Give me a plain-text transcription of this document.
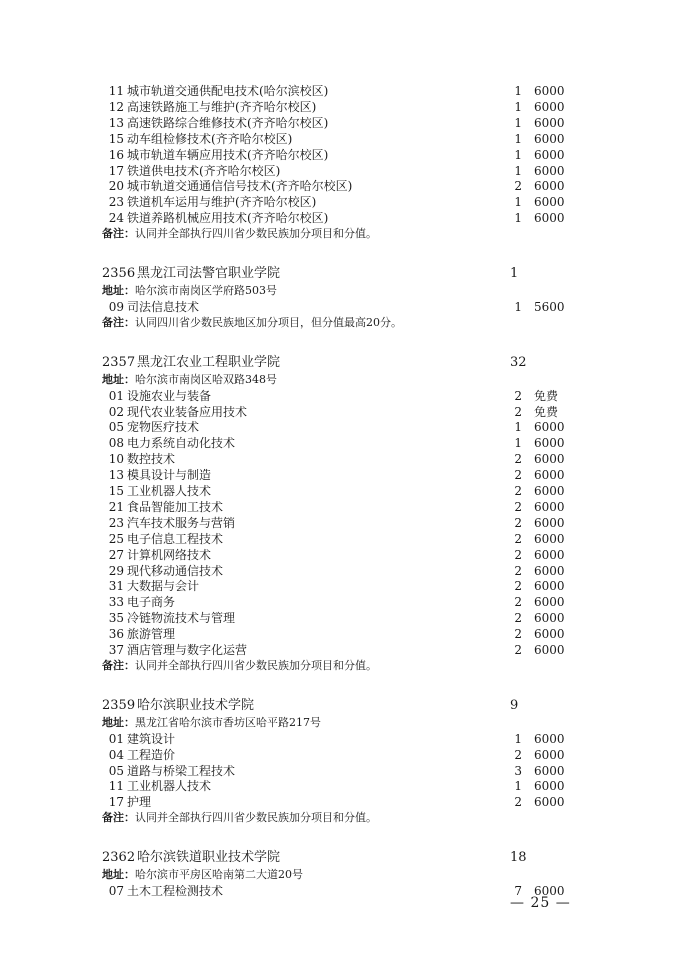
11 城市轨道交通供配电技术(哈尔滨校区)	1 6000
12 高速铁路施工与维护(齐齐哈尔校区)	1 6000
13 高速铁路综合维修技术(齐齐哈尔校区)	1 6000
15 动车组检修技术(齐齐哈尔校区)	1 6000
16 城市轨道车辆应用技术(齐齐哈尔校区)	1 6000
17 铁道供电技术(齐齐哈尔校区)	1 6000
20 城市轨道交通通信信号技术(齐齐哈尔校区)	2 6000
23 铁道机车运用与维护(齐齐哈尔校区)	1 6000
24 铁道养路机械应用技术(齐齐哈尔校区)	1 6000
备注：认同并全部执行四川省少数民族加分项目和分值。
2356 黑龙江司法警官职业学院	1
地址：哈尔滨市南岗区学府路503号
09 司法信息技术	1 5600
备注：认同四川省少数民族地区加分项目，但分值最高20分。
2357 黑龙江农业工程职业学院	32
地址：哈尔滨市南岗区哈双路348号
01 设施农业与装备	2 免费
02 现代农业装备应用技术	2 免费
05 宠物医疗技术	1 6000
08 电力系统自动化技术	1 6000
10 数控技术	2 6000
13 模具设计与制造	2 6000
15 工业机器人技术	2 6000
21 食品智能加工技术	2 6000
23 汽车技术服务与营销	2 6000
25 电子信息工程技术	2 6000
27 计算机网络技术	2 6000
29 现代移动通信技术	2 6000
31 大数据与会计	2 6000
33 电子商务	2 6000
35 冷链物流技术与管理	2 6000
36 旅游管理	2 6000
37 酒店管理与数字化运营	2 6000
备注：认同并全部执行四川省少数民族加分项目和分值。
2359 哈尔滨职业技术学院	9
地址：黑龙江省哈尔滨市香坊区哈平路217号
01 建筑设计	1 6000
04 工程造价	2 6000
05 道路与桥梁工程技术	3 6000
11 工业机器人技术	1 6000
17 护理	2 6000
备注：认同并全部执行四川省少数民族加分项目和分值。
2362 哈尔滨铁道职业技术学院	18
地址：哈尔滨市平房区哈南第二大道20号
07 土木工程检测技术	7 6000
— 25 —
